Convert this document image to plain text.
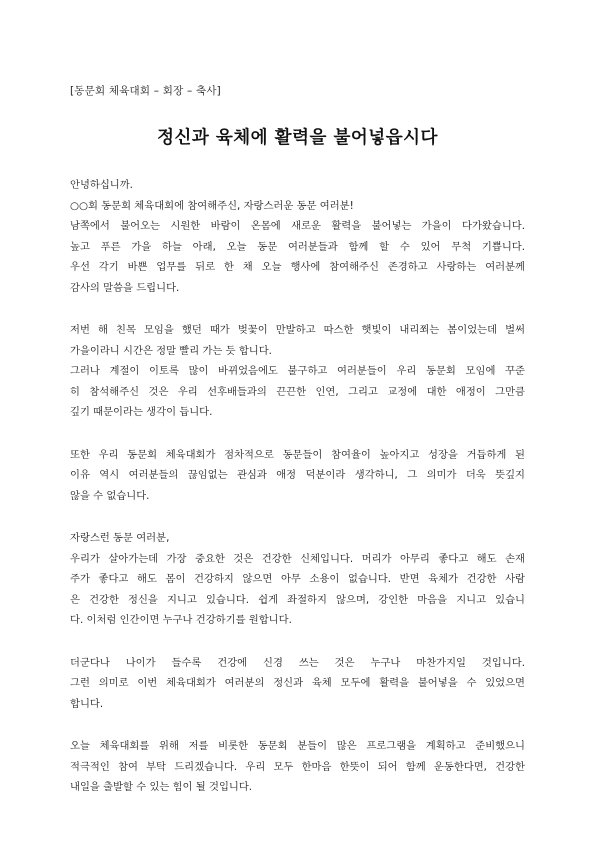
[동문회 체육대회 – 회장 – 축사]
정신과 육체에 활력을 불어넣읍시다
안녕하십니까.
○○회 동문회 체육대회에 참여해주신, 자랑스러운 동문 여러분!
남쪽에서 불어오는 시원한 바람이 온몸에 새로운 활력을 불어넣는 가을이 다가왔습니다.
높고 푸른 가을 하늘 아래, 오늘 동문 여러분들과 함께 할 수 있어 무척 기쁩니다.
우선 각기 바쁜 업무를 뒤로 한 채 오늘 행사에 참여해주신 존경하고 사랑하는 여러분께
감사의 말씀을 드립니다.
저번 해 친목 모임을 했던 때가 벚꽃이 만발하고 따스한 햇빛이 내리쬐는 봄이었는데 벌써
가을이라니 시간은 정말 빨리 가는 듯 합니다.
그러나 계절이 이토록 많이 바뀌었음에도 불구하고 여러분들이 우리 동문회 모임에 꾸준
히 참석해주신 것은 우리 선후배들과의 끈끈한 인연, 그리고 교정에 대한 애정이 그만큼
깊기 때문이라는 생각이 듭니다.
또한 우리 동문회 체육대회가 점차적으로 동문들이 참여율이 높아지고 성장을 거듭하게 된
이유 역시 여러분들의 끊임없는 관심과 애정 덕분이라 생각하니, 그 의미가 더욱 뜻깊지
않을 수 없습니다.
자랑스런 동문 여러분,
우리가 살아가는데 가장 중요한 것은 건강한 신체입니다. 머리가 아무리 좋다고 해도 손재
주가 좋다고 해도 몸이 건강하지 않으면 아무 소용이 없습니다. 반면 육체가 건강한 사람
은 건강한 정신을 지니고 있습니다. 쉽게 좌절하지 않으며, 강인한 마음을 지니고 있습니
다. 이처럼 인간이면 누구나 건강하기를 원합니다.
더군다나 나이가 들수록 건강에 신경 쓰는 것은 누구나 마찬가지일 것입니다.
그런 의미로 이번 체육대회가 여러분의 정신과 육체 모두에 활력을 불어넣을 수 있었으면
합니다.
오늘 체육대회를 위해 저를 비롯한 동문회 분들이 많은 프로그램을 계획하고 준비했으니
적극적인 참여 부탁 드리겠습니다. 우리 모두 한마음 한뜻이 되어 함께 운동한다면, 건강한
내일을 출발할 수 있는 힘이 될 것입니다.
